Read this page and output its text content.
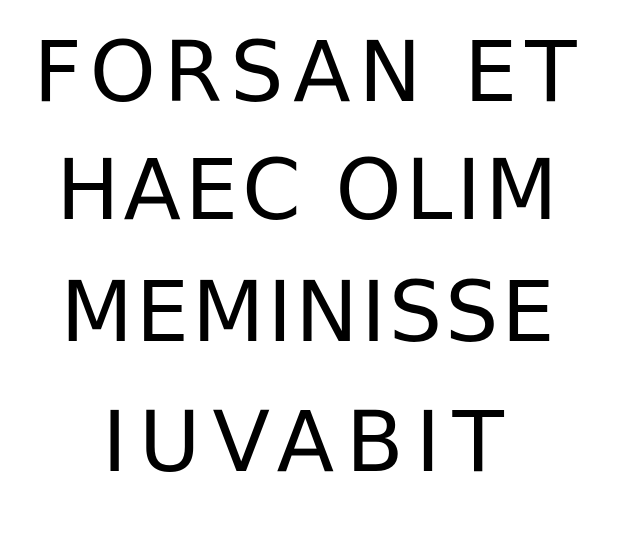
FORSAN ET
HAEC OLIM
MEMINISSE
IUVABIT
